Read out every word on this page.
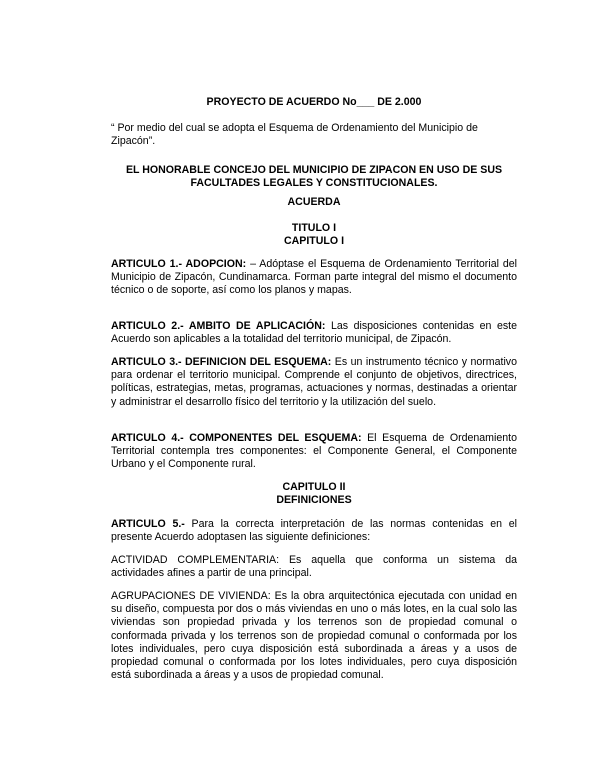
PROYECTO DE ACUERDO No___ DE 2.000

“ Por medio del cual se adopta el Esquema de Ordenamiento del Municipio de Zipacón”.

EL HONORABLE CONCEJO DEL MUNICIPIO DE ZIPACON EN USO DE SUS
FACULTADES LEGALES Y CONSTITUCIONALES.

ACUERDA

TITULO I
CAPITULO I

ARTICULO 1.- ADOPCION: – Adóptase el Esquema de Ordenamiento Territorial del Municipio de Zipacón, Cundinamarca. Forman parte integral del mismo el documento técnico o de soporte, así como los planos y mapas.

ARTICULO 2.- AMBITO DE APLICACIÓN: Las disposiciones contenidas en este Acuerdo son aplicables a la totalidad del territorio municipal, de Zipacón.

ARTICULO 3.- DEFINICION DEL ESQUEMA: Es un instrumento técnico y normativo para ordenar el territorio municipal. Comprende el conjunto de objetivos, directrices, políticas, estrategias, metas, programas, actuaciones y normas, destinadas a orientar y administrar el desarrollo físico del territorio y la utilización del suelo.

ARTICULO 4.- COMPONENTES DEL ESQUEMA: El Esquema de Ordenamiento Territorial contempla tres componentes: el Componente General, el Componente Urbano y el Componente rural.

CAPITULO II
DEFINICIONES

ARTICULO 5.- Para la correcta interpretación de las normas contenidas en el presente Acuerdo adoptasen las siguiente definiciones:

ACTIVIDAD COMPLEMENTARIA: Es aquella que conforma un sistema da actividades afines a partir de una principal.

AGRUPACIONES DE VIVIENDA: Es la obra arquitectónica ejecutada con unidad en su diseño, compuesta por dos o más viviendas en uno o más lotes, en la cual solo las viviendas son propiedad privada y los terrenos son de propiedad comunal o conformada privada y los terrenos son de propiedad comunal o conformada por los lotes individuales, pero cuya disposición está subordinada a áreas y a usos de propiedad comunal o conformada por los lotes individuales, pero cuya disposición está subordinada a áreas y a usos de propiedad comunal.
